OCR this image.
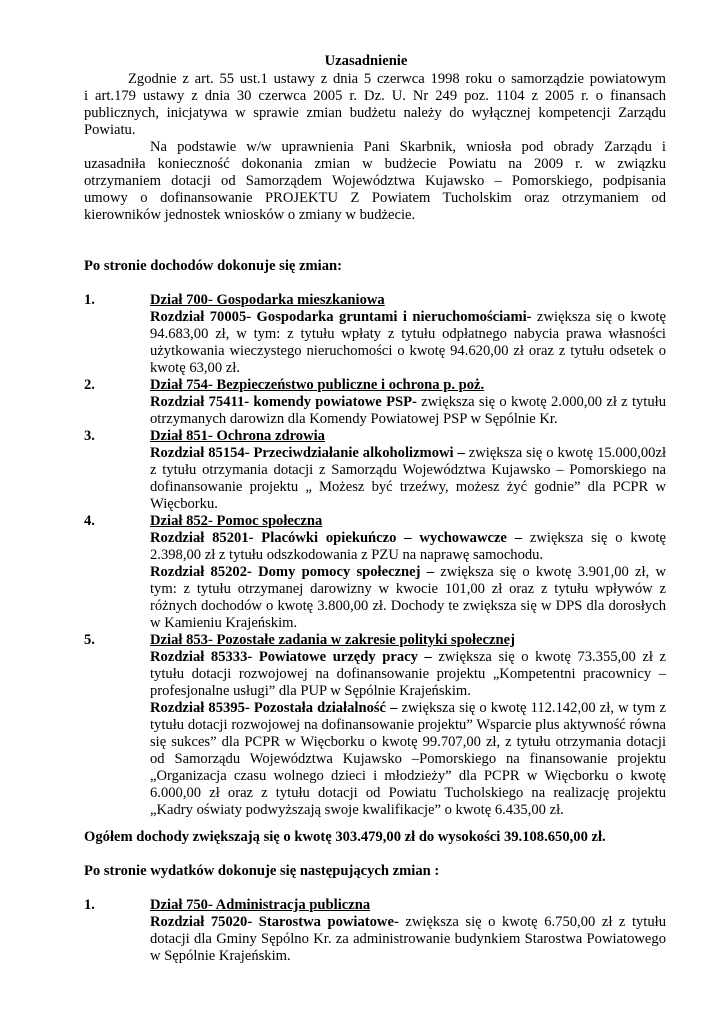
Uzasadnienie
Zgodnie z art. 55 ust.1 ustawy z dnia 5 czerwca 1998 roku o samorządzie powiatowym
i art.179 ustawy z dnia 30 czerwca 2005 r. Dz. U. Nr 249 poz. 1104 z 2005 r. o finansach
publicznych, inicjatywa w sprawie zmian budżetu należy do wyłącznej kompetencji Zarządu
Powiatu.
Na podstawie w/w uprawnienia Pani Skarbnik, wniosła pod obrady Zarządu i
uzasadniła konieczność dokonania zmian w budżecie Powiatu na 2009 r. w związku
otrzymaniem dotacji od Samorządem Województwa Kujawsko – Pomorskiego, podpisania
umowy o dofinansowanie PROJEKTU Z Powiatem Tucholskim oraz otrzymaniem od
kierowników jednostek wniosków o zmiany w budżecie.
Po stronie dochodów dokonuje się zmian:
1.	Dział 700- Gospodarka mieszkaniowa
Rozdział 70005- Gospodarka gruntami i nieruchomościami- zwiększa się o kwotę
94.683,00 zł, w tym: z tytułu wpłaty z tytułu odpłatnego nabycia prawa własności
użytkowania wieczystego nieruchomości o kwotę 94.620,00 zł oraz z tytułu odsetek o
kwotę 63,00 zł.
2.	Dział 754- Bezpieczeństwo publiczne i ochrona p. poż.
Rozdział 75411- komendy powiatowe PSP- zwiększa się o kwotę 2.000,00 zł z tytułu
otrzymanych darowizn dla Komendy Powiatowej PSP w Sępólnie Kr.
3.	Dział 851- Ochrona zdrowia
Rozdział 85154- Przeciwdziałanie alkoholizmowi – zwiększa się o kwotę 15.000,00zł
z tytułu otrzymania dotacji z Samorządu Województwa Kujawsko – Pomorskiego na
dofinansowanie projektu „ Możesz być trzeźwy, możesz żyć godnie” dla PCPR w
Więcborku.
4.	Dział 852- Pomoc społeczna
Rozdział 85201- Placówki opiekuńczo – wychowawcze – zwiększa się o kwotę
2.398,00 zł z tytułu odszkodowania z PZU na naprawę samochodu.
Rozdział 85202- Domy pomocy społecznej – zwiększa się o kwotę 3.901,00 zł, w
tym: z tytułu otrzymanej darowizny w kwocie 101,00 zł oraz z tytułu wpływów z
różnych dochodów o kwotę 3.800,00 zł. Dochody te zwiększa się w DPS dla dorosłych
w Kamieniu Krajeńskim.
5.	Dział 853- Pozostałe zadania w zakresie polityki społecznej
Rozdział 85333- Powiatowe urzędy pracy – zwiększa się o kwotę 73.355,00 zł z
tytułu dotacji rozwojowej na dofinansowanie projektu „Kompetentni pracownicy –
profesjonalne usługi” dla PUP w Sępólnie Krajeńskim.
Rozdział 85395- Pozostała działalność – zwiększa się o kwotę 112.142,00 zł, w tym z
tytułu dotacji rozwojowej na dofinansowanie projektu” Wsparcie plus aktywność równa
się sukces” dla PCPR w Więcborku o kwotę 99.707,00 zł, z tytułu otrzymania dotacji
od Samorządu Województwa Kujawsko –Pomorskiego na finansowanie projektu
„Organizacja czasu wolnego dzieci i młodzieży” dla PCPR w Więcborku o kwotę
6.000,00 zł oraz z tytułu dotacji od Powiatu Tucholskiego na realizację projektu
„Kadry oświaty podwyższają swoje kwalifikacje” o kwotę 6.435,00 zł.
Ogółem dochody zwiększają się o kwotę 303.479,00 zł do wysokości 39.108.650,00 zł.
Po stronie wydatków dokonuje się następujących zmian :
1.	Dział 750- Administracja publiczna
Rozdział 75020- Starostwa powiatowe- zwiększa się o kwotę 6.750,00 zł z tytułu
dotacji dla Gminy Sępólno Kr. za administrowanie budynkiem Starostwa Powiatowego
w Sępólnie Krajeńskim.
